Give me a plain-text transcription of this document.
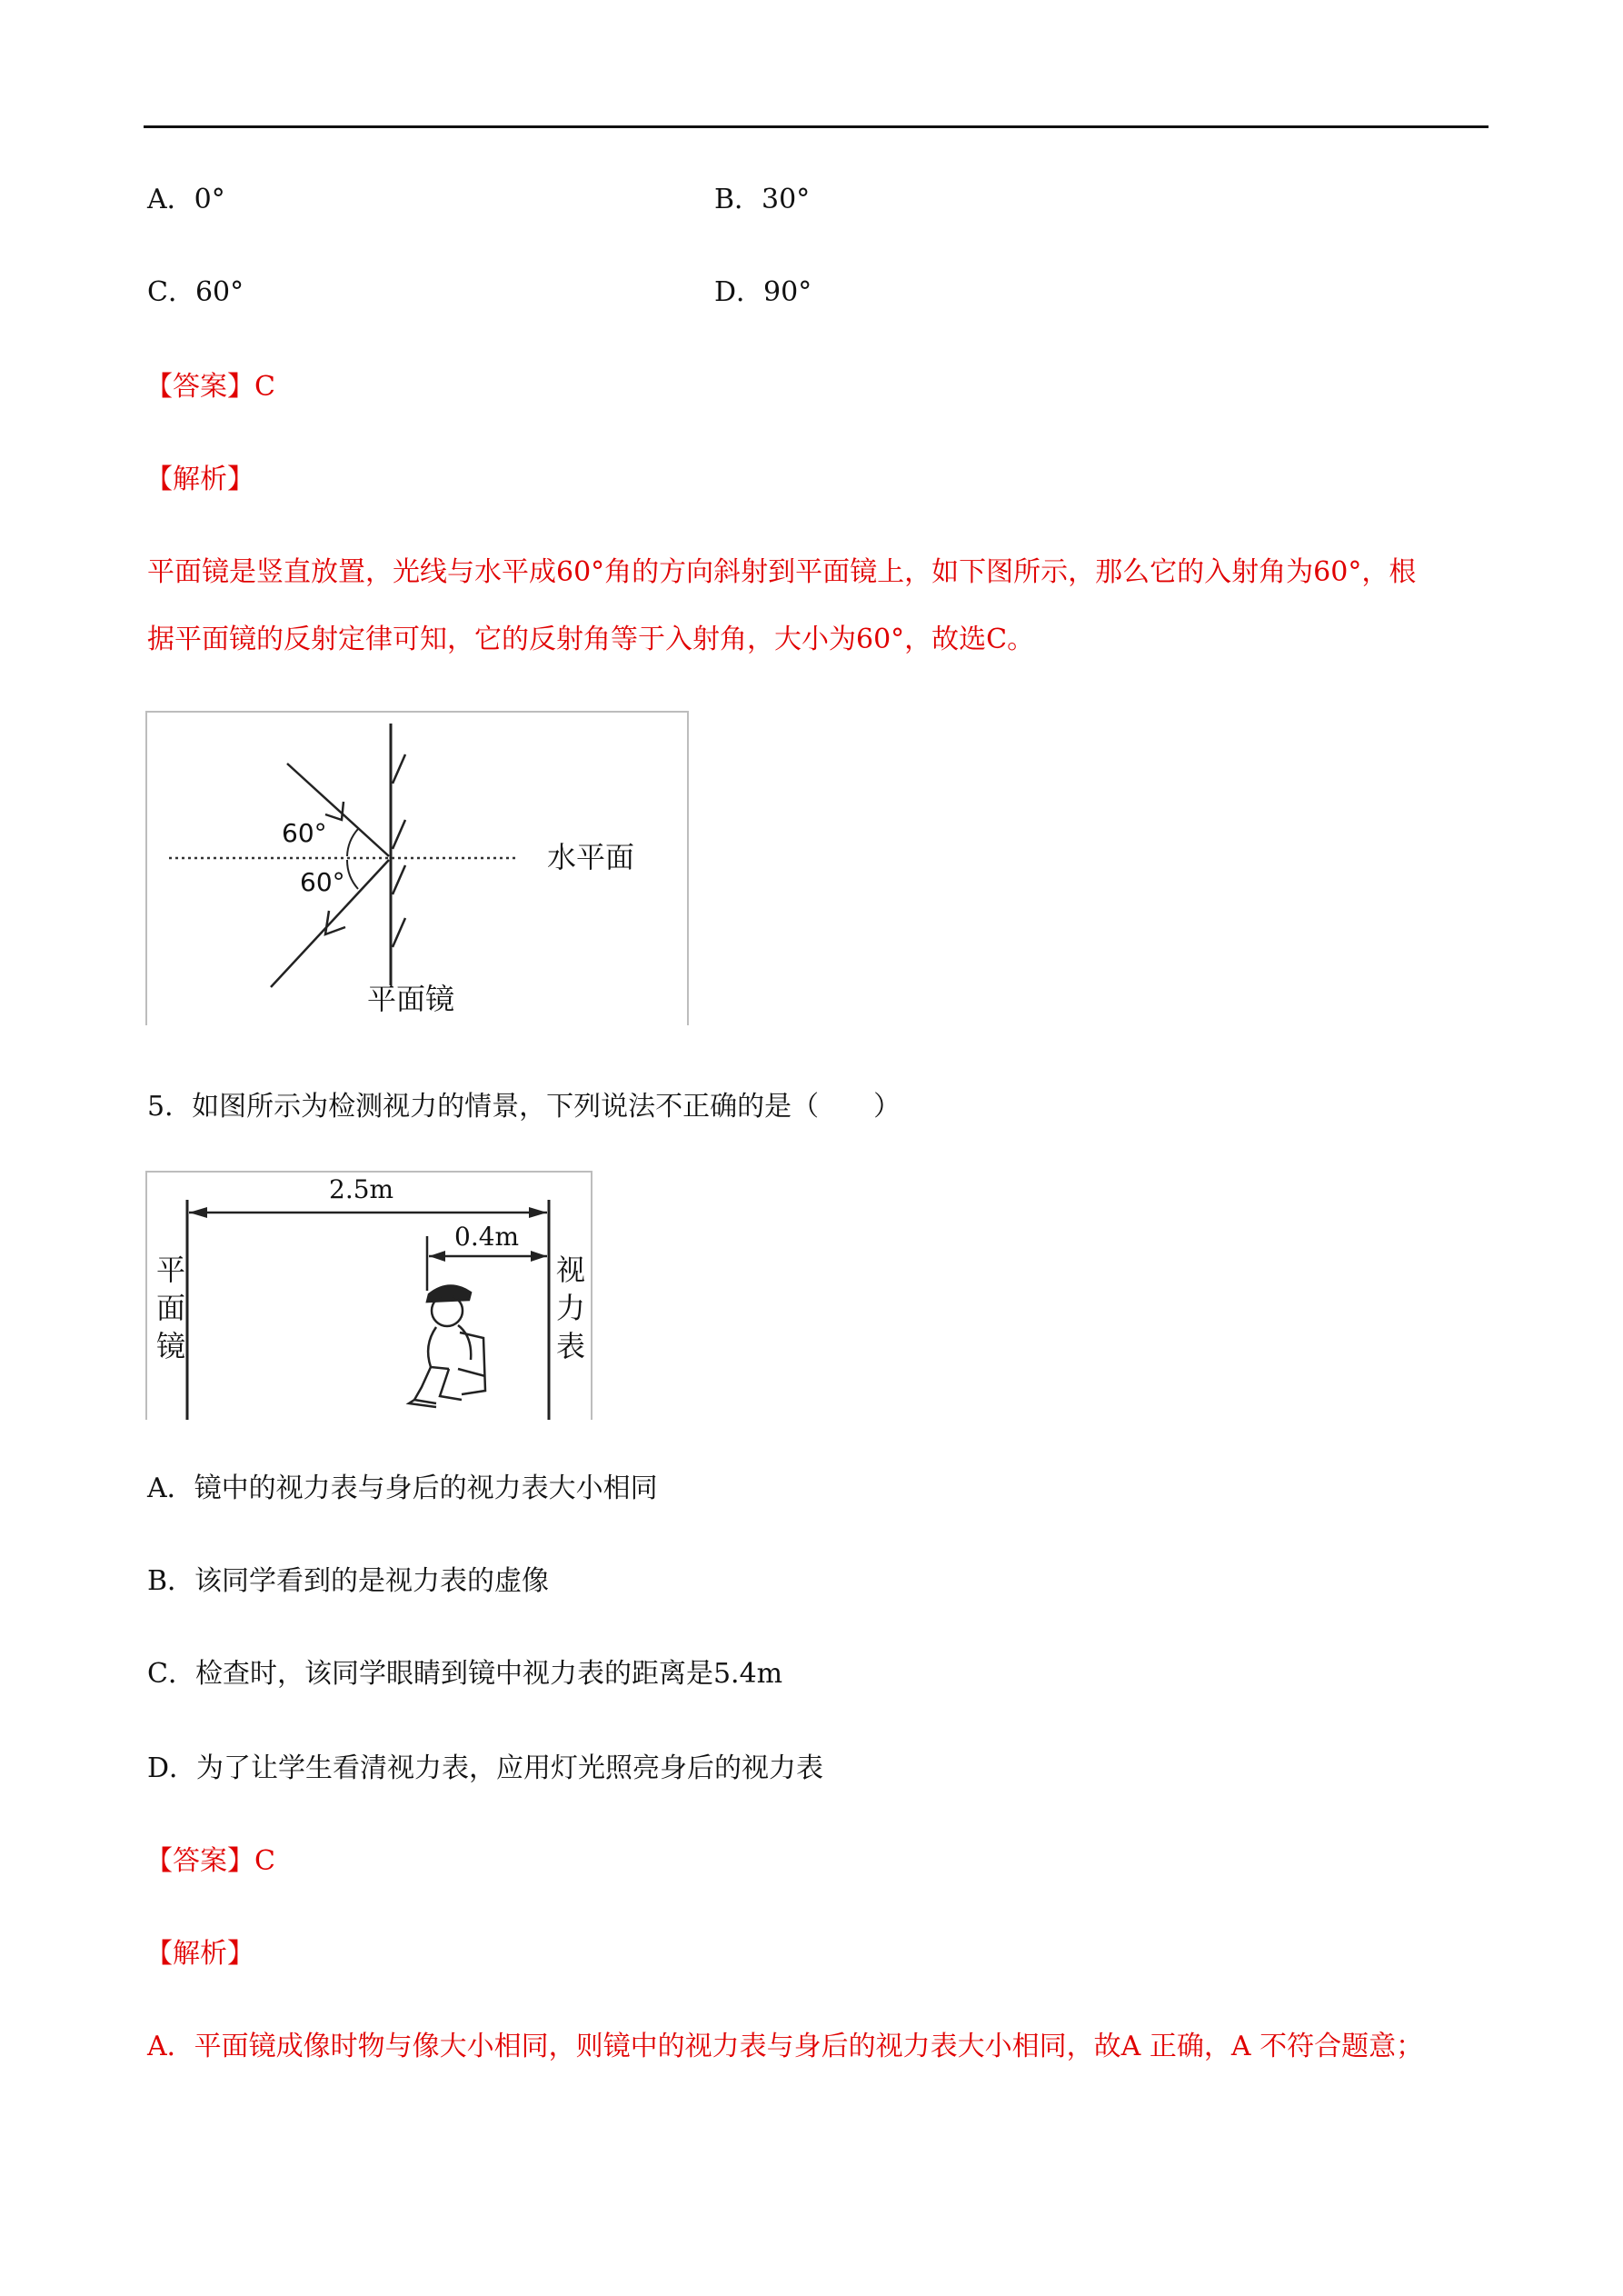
A．0°	B．30°
C．60°	D．90°
【答案】C
【解析】
平面镜是竖直放置，光线与水平成60°角的方向斜射到平面镜上，如下图所示，那么它的入射角为60°，根
据平面镜的反射定律可知，它的反射角等于入射角，大小为60°，故选C。
60°
60°
水平面
平面镜
5．如图所示为检测视力的情景，下列说法不正确的是（　　）
2.5m
0.4m
平
面
镜
视
力
表
A．镜中的视力表与身后的视力表大小相同
B．该同学看到的是视力表的虚像
C．检查时，该同学眼睛到镜中视力表的距离是5.4m
D．为了让学生看清视力表，应用灯光照亮身后的视力表
【答案】C
【解析】
A．平面镜成像时物与像大小相同，则镜中的视力表与身后的视力表大小相同，故A 正确，A 不符合题意；
